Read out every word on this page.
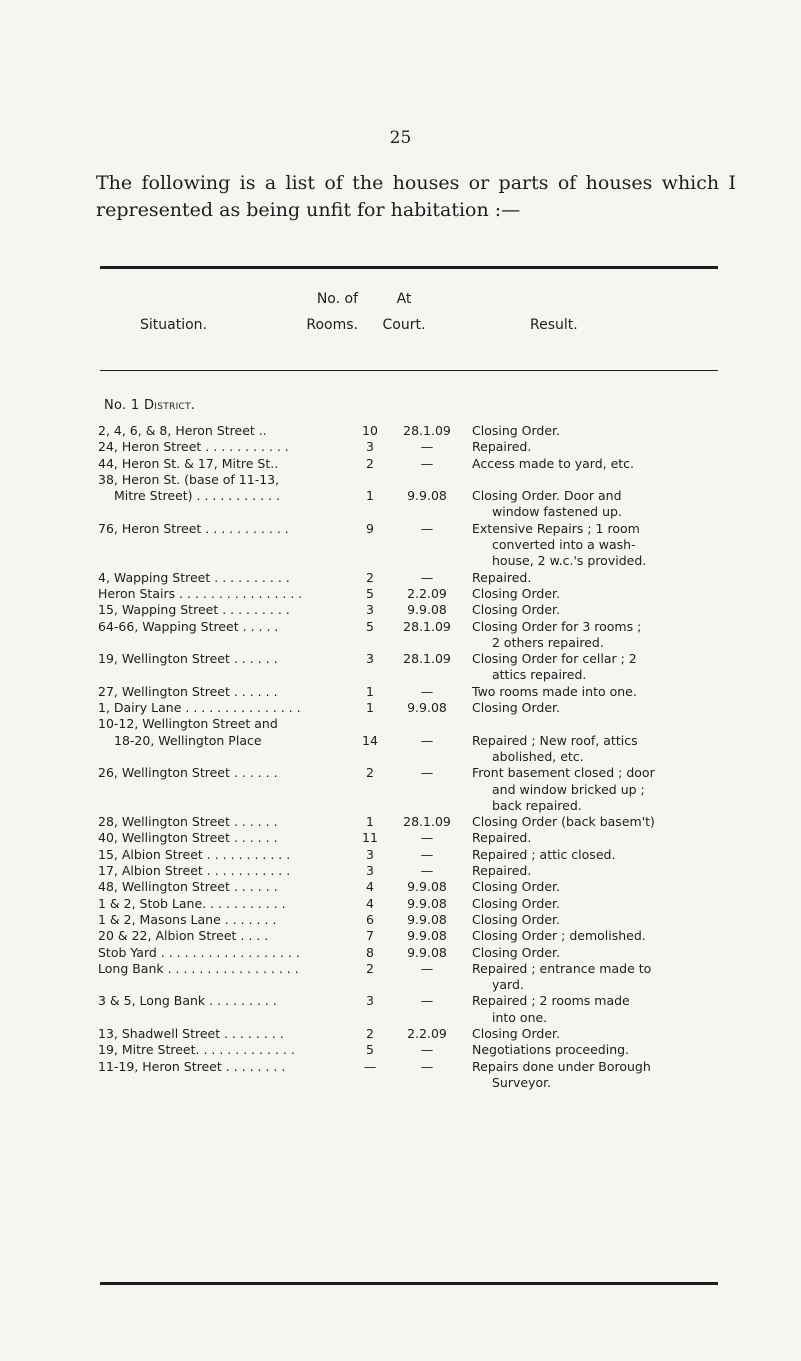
25
The following is a list of the houses or parts of houses which I
represented as being unfit for habitation :—
Situation.
No. of
Rooms.
At
Court.	Result.
No. 1 District.
2, 4, 6, & 8, Heron Street ..	10	28.1.09	Closing Order.

24, Heron Street . . . . . . . . . . .	3	—	Repaired.

44, Heron St. & 17, Mitre St..	2	—	Access made to yard, etc.

38, Heron St. (base of 11-13,
Mitre Street) . . . . . . . . . . .	1	9.9.08	Closing Order. Door and
window fastened up.

76, Heron Street . . . . . . . . . . .	9	—	Extensive Repairs ; 1 room
converted into a wash-
house, 2 w.c.'s provided.

4, Wapping Street . . . . . . . . . .	2	—	Repaired.

Heron Stairs . . . . . . . . . . . . . . . .	5	2.2.09	Closing Order.

15, Wapping Street . . . . . . . . .	3	9.9.08	Closing Order.

64-66, Wapping Street . . . . .	5	28.1.09	Closing Order for 3 rooms ;
2 others repaired.

19, Wellington Street . . . . . .	3	28.1.09	Closing Order for cellar ; 2
attics repaired.

27, Wellington Street . . . . . .	1	—	Two rooms made into one.

1, Dairy Lane . . . . . . . . . . . . . . .	1	9.9.08	Closing Order.

10-12, Wellington Street and
18-20, Wellington Place	14	—	Repaired ; New roof, attics
abolished, etc.

26, Wellington Street . . . . . .	2	—	Front basement closed ; door
and window bricked up ;
back repaired.

28, Wellington Street . . . . . .	1	28.1.09	Closing Order (back basem't)

40, Wellington Street . . . . . .	11	—	Repaired.

15, Albion Street . . . . . . . . . . .	3	—	Repaired ; attic closed.

17, Albion Street . . . . . . . . . . .	3	—	Repaired.

48, Wellington Street . . . . . .	4	9.9.08	Closing Order.

1 & 2, Stob Lane. . . . . . . . . . .	4	9.9.08	Closing Order.

1 & 2, Masons Lane . . . . . . .	6	9.9.08	Closing Order.

20 & 22, Albion Street . . . .	7	9.9.08	Closing Order ; demolished.

Stob Yard . . . . . . . . . . . . . . . . . .	8	9.9.08	Closing Order.

Long Bank . . . . . . . . . . . . . . . . .	2	—	Repaired ; entrance made to
yard.

3 & 5, Long Bank . . . . . . . . .	3	—	Repaired ; 2 rooms made
into one.

13, Shadwell Street . . . . . . . .	2	2.2.09	Closing Order.

19, Mitre Street. . . . . . . . . . . . .	5	—	Negotiations proceeding.

11-19, Heron Street . . . . . . . .	—	—	Repairs done under Borough
Surveyor.
